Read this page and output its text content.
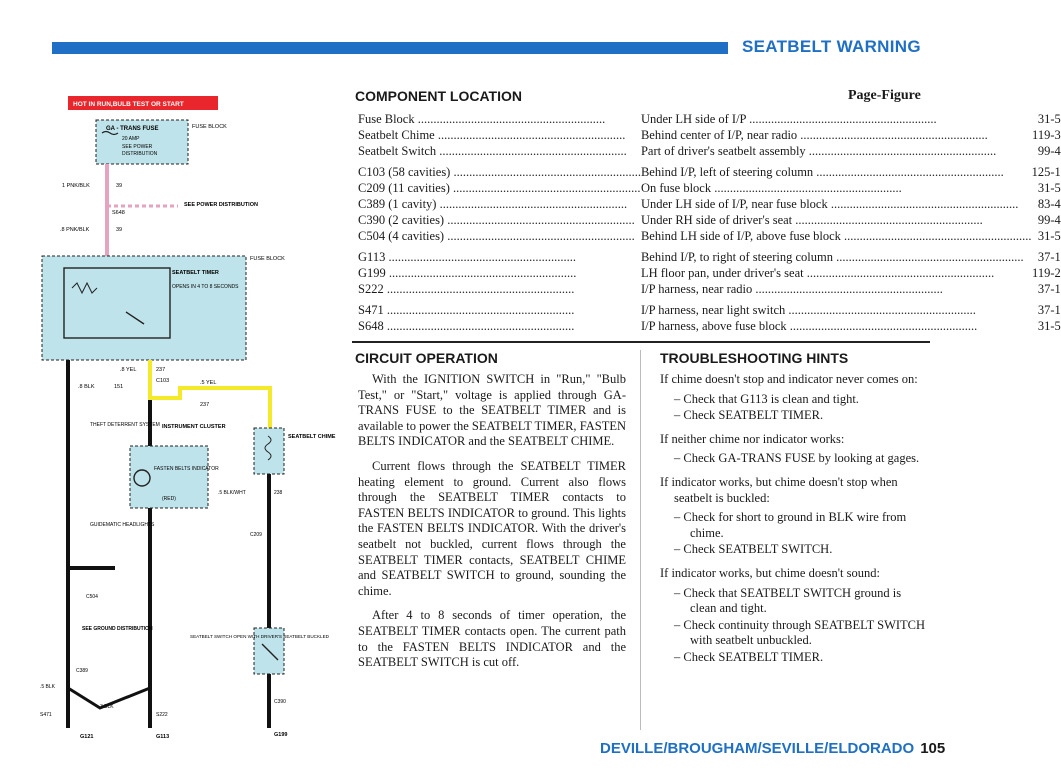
SEATBELT WARNING
HOT IN RUN,BULB TEST OR START
GA - TRANS FUSE
20 AMP
SEE POWER
DISTRIBUTION
FUSE BLOCK
1 PNK/BLK	39
S648
.8 PNK/BLK	39
SEE POWER DISTRIBUTION
SEATBELT TIMER
OPENS IN 4 TO 8 SECONDS
FUSE BLOCK
.8 BLK	151
.8 YEL	237
C103	.5 YEL
237
THEFT DETERRENT SYSTEM INSTRUMENT CLUSTER
FASTEN BELTS INDICATOR
(RED)
SEATBELT CHIME
.5 BLK/WHT	238
C209
SEATBELT SWITCH OPEN WITH DRIVER'S SEATBELT BUCKLED
C390
G199
GUIDEMATIC HEADLIGHTS
C504
SEE GROUND DISTRIBUTION
C389
.5 BLK
3 BLK
S471	S222
G121	G113
COMPONENT LOCATION	Page-Figure
Fuse Block ............................................................	Under LH side of I/P ............................................................	31-5
Seatbelt Chime ............................................................	Behind center of I/P, near radio ............................................................	119-3
Seatbelt Switch ............................................................	Part of driver's seatbelt assembly ............................................................	99-4
C103 (58 cavities) ............................................................	Behind I/P, left of steering column ............................................................	125-1
C209 (11 cavities) ............................................................	On fuse block ............................................................	31-5
C389 (1 cavity) ............................................................	Under LH side of I/P, near fuse block ............................................................	83-4
C390 (2 cavities) ............................................................	Under RH side of driver's seat ............................................................	99-4
C504 (4 cavities) ............................................................	Behind LH side of I/P, above fuse block ............................................................	31-5
G113 ............................................................	Behind I/P, to right of steering column ............................................................	37-1
G199 ............................................................	LH floor pan, under driver's seat ............................................................	119-2
S222 ............................................................	I/P harness, near radio ............................................................	37-1
S471 ............................................................	I/P harness, near light switch ............................................................	37-1
S648 ............................................................	I/P harness, above fuse block ............................................................	31-5
CIRCUIT OPERATION

With the IGNITION SWITCH in "Run," "Bulb Test," or "Start," voltage is applied through GA-TRANS FUSE to the SEATBELT TIMER and is available to power the SEATBELT TIMER, FASTEN BELTS INDICATOR and the SEATBELT CHIME.

Current flows through the SEATBELT TIMER heating element to ground. Current also flows through the SEATBELT TIMER contacts to FASTEN BELTS INDICATOR to ground. This lights the FASTEN BELTS INDICATOR. With the driver's seatbelt not buckled, current flows through the SEATBELT TIMER contacts, SEATBELT CHIME and SEATBELT SWITCH to ground, sounding the chime.

After 4 to 8 seconds of timer operation, the SEATBELT TIMER contacts open. The current path to the FASTEN BELTS INDICATOR and the SEATBELT SWITCH is cut off.

TROUBLESHOOTING HINTS
If chime doesn't stop and indicator never comes on:
– Check that G113 is clean and tight.
– Check SEATBELT TIMER.
If neither chime nor indicator works:
– Check GA-TRANS FUSE by looking at gages.
If indicator works, but chime doesn't stop when seatbelt is buckled:
– Check for short to ground in BLK wire from chime.
– Check SEATBELT SWITCH.
If indicator works, but chime doesn't sound:
– Check that SEATBELT SWITCH ground is clean and tight.
– Check continuity through SEATBELT SWITCH with seatbelt unbuckled.
– Check SEATBELT TIMER.
DEVILLE/BROUGHAM/SEVILLE/ELDORADO 105
